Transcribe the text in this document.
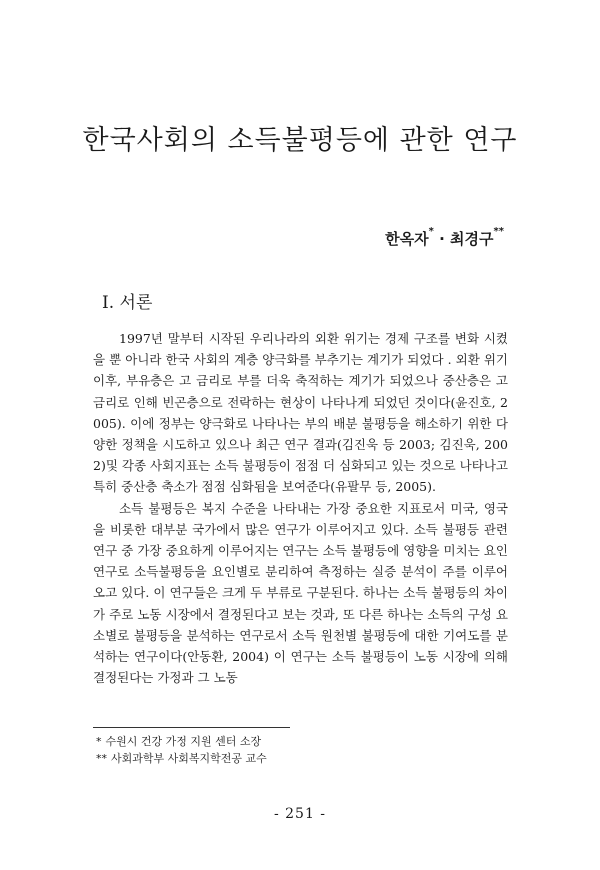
한국사회의 소득불평등에 관한 연구
한옥자* · 최경구**
I. 서론

1997년 말부터 시작된 우리나라의 외환 위기는 경제 구조를 변화 시켰을 뿐 아니라 한국 사회의 계층 양극화를 부추기는 계기가 되었다 . 외환 위기 이후, 부유층은 고 금리로 부를 더욱 축적하는 계기가 되었으나 중산층은 고금리로 인해 빈곤층으로 전락하는 현상이 나타나게 되었던 것이다(윤진호, 2005). 이에 정부는 양극화로 나타나는 부의 배분 불평등을 해소하기 위한 다양한 정책을 시도하고 있으나 최근 연구 결과(김진욱 등 2003; 김진욱, 2002)및 각종 사회지표는 소득 불평등이 점점 더 심화되고 있는 것으로 나타나고 특히 중산층 축소가 점점 심화됨을 보여준다(유팔무 등, 2005).

소득 불평등은 복지 수준을 나타내는 가장 중요한 지표로서 미국, 영국을 비롯한 대부분 국가에서 많은 연구가 이루어지고 있다. 소득 불평등 관련 연구 중 가장 중요하게 이루어지는 연구는 소득 불평등에 영향을 미치는 요인 연구로 소득불평등을 요인별로 분리하여 측정하는 실증 분석이 주를 이루어 오고 있다. 이 연구들은 크게 두 부류로 구분된다. 하나는 소득 불평등의 차이가 주로 노동 시장에서 결정된다고 보는 것과, 또 다른 하나는 소득의 구성 요소별로 불평등을 분석하는 연구로서 소득 원천별 불평등에 대한 기여도를 분석하는 연구이다(안동환, 2004) 이 연구는 소득 불평등이 노동 시장에 의해 결정된다는 가정과 그 노동

* 수원시 건강 가정 지원 센터 소장
** 사회과학부 사회복지학전공 교수
- 251 -
